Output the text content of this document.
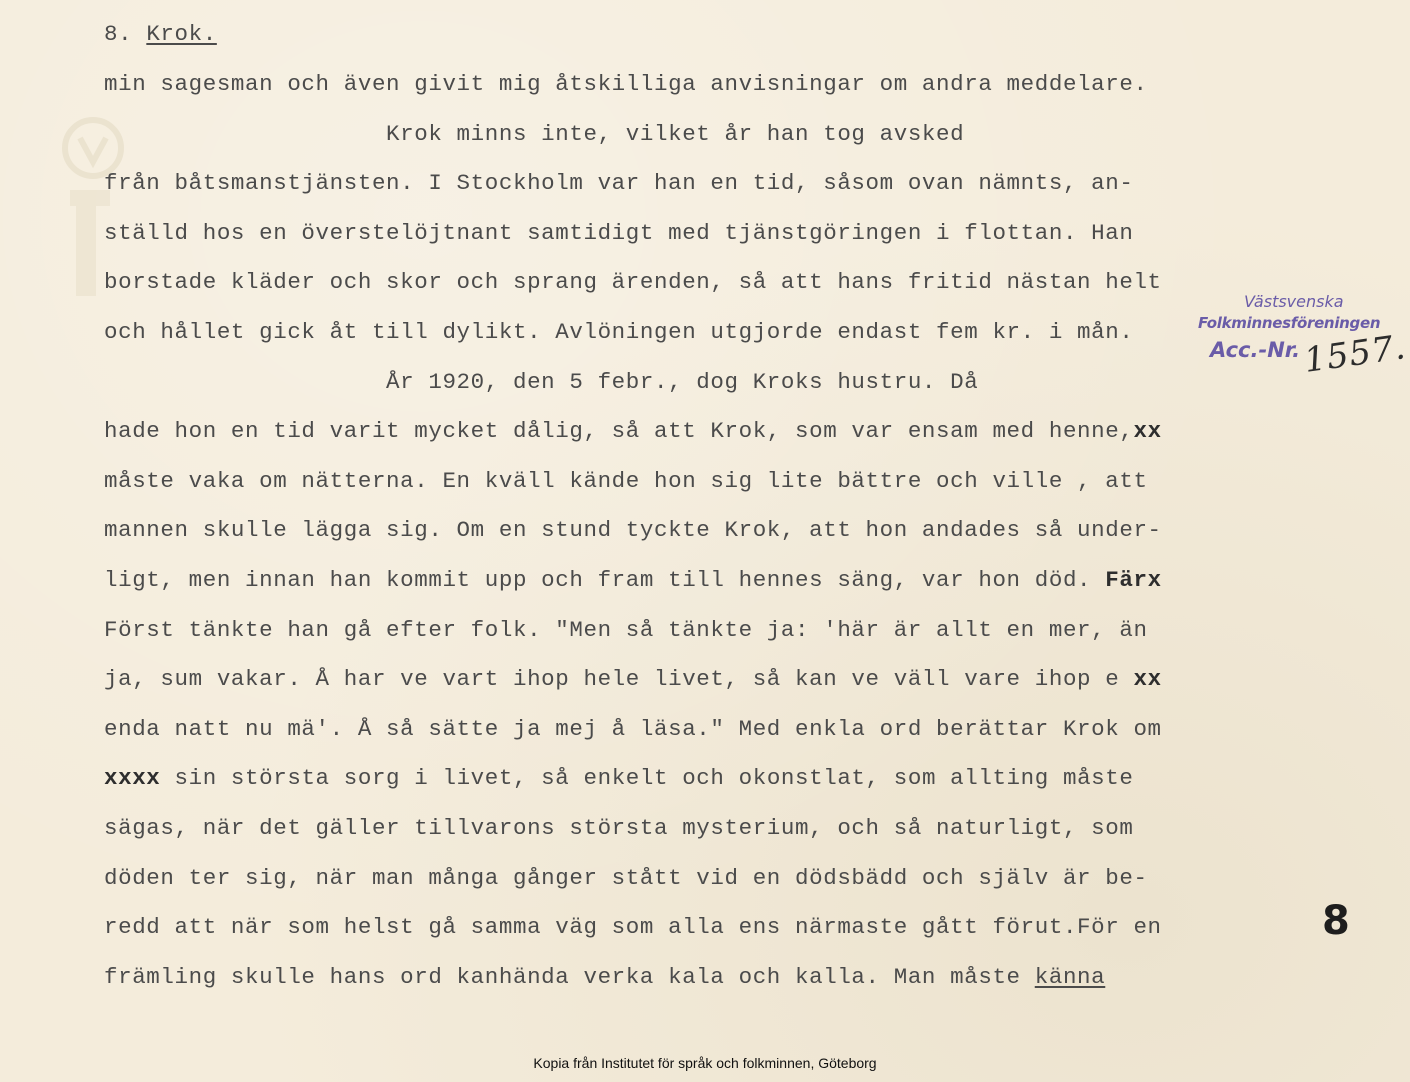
8. Krok.
min sagesman och även givit mig åtskilliga anvisningar om andra meddelare.
Krok minns inte, vilket år han tog avsked
från båtsmanstjänsten. I Stockholm var han en tid, såsom ovan nämnts, an-
ställd hos en överstelöjtnant samtidigt med tjänstgöringen i flottan. Han
borstade kläder och skor och sprang ärenden, så att hans fritid nästan helt
och hållet gick åt till dylikt. Avlöningen utgjorde endast fem kr. i mån.
År 1920, den 5 febr., dog Kroks hustru. Då
hade hon en tid varit mycket dålig, så att Krok, som var ensam med henne,xx
måste vaka om nätterna. En kväll kände hon sig lite bättre och ville , att
mannen skulle lägga sig. Om en stund tyckte Krok, att hon andades så under-
ligt, men innan han kommit upp och fram till hennes säng, var hon död. Färx
Först tänkte han gå efter folk. "Men så tänkte ja: 'här är allt en mer, än
ja, sum vakar. Å har ve vart ihop hele livet, så kan ve väll vare ihop e xx
enda natt nu mä'. Å så sätte ja mej å läsa." Med enkla ord berättar Krok om
xxxx sin största sorg i livet, så enkelt och okonstlat, som allting måste
sägas, när det gäller tillvarons största mysterium, och så naturligt, som
döden ter sig, när man många gånger stått vid en dödsbädd och själv är be-
redd att när som helst gå samma väg som alla ens närmaste gått förut.För en
främling skulle hans ord kanhända verka kala och kalla. Man måste känna
Västsvenska
Folkminnesföreningen
Acc.-Nr. 1557.
8
Kopia från Institutet för språk och folkminnen, Göteborg
